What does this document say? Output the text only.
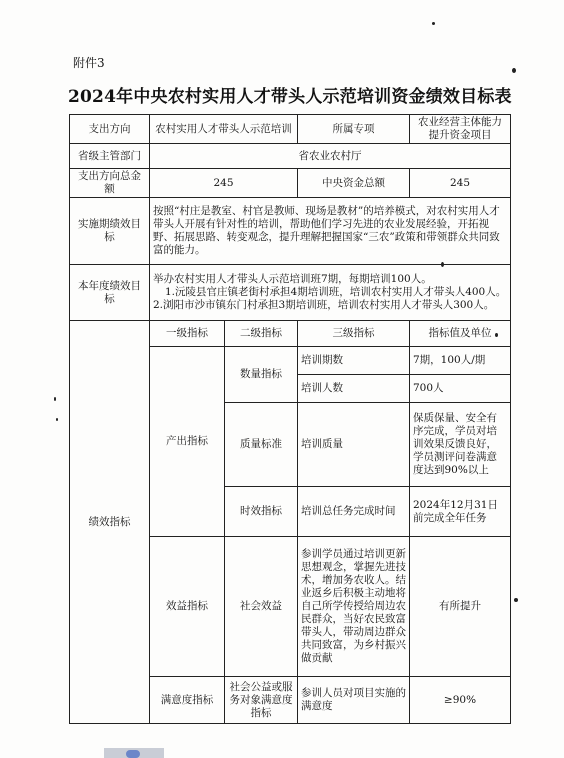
附件3
2024年中央农村实用人才带头人示范培训资金绩效目标表
支出方向	农村实用人才带头人示范培训		所属专项	农业经营主体能力提升资金项目
省级主管部门	省农业农村厅			
支出方向总金额	245		中央资金总额	245
实施期绩效目标	按照“村庄是教室、村官是教师、现场是教材”的培养模式，对农村实用人才带头人开展有针对性的培训，帮助他们学习先进的农业发展经验，开拓视野、拓展思路、转变观念，提升理解把握国家“三农”政策和带领群众共同致富的能力。			
本年度绩效目标	举办农村实用人才带头人示范培训班7期，每期培训100人。
1.沅陵县官庄镇老街村承担4期培训班，培训农村实用人才带头人400人。2.浏阳市沙市镇东门村承担3期培训班，培训农村实用人才带头人300人。			

绩效指标	一级指标	二级指标	三级指标	指标值及单位
	产出指标	数量指标	培训期数	7期，100人/期
			培训人数	700人
		质量标准	培训质量	保质保量、安全有序完成，学员对培训效果反馈良好，学员测评问卷满意度达到90%以上
		时效指标	培训总任务完成时间	2024年12月31日前完成全年任务
	效益指标	社会效益	参训学员通过培训更新思想观念，掌握先进技术，增加务农收人。结业返乡后积极主动地将自己所学传授给周边农民群众，当好农民致富带头人，带动周边群众共同致富，为乡村振兴做贡献	有所提升
	满意度指标	社会公益或服务对象满意度指标	参训人员对项目实施的满意度	≥90%
